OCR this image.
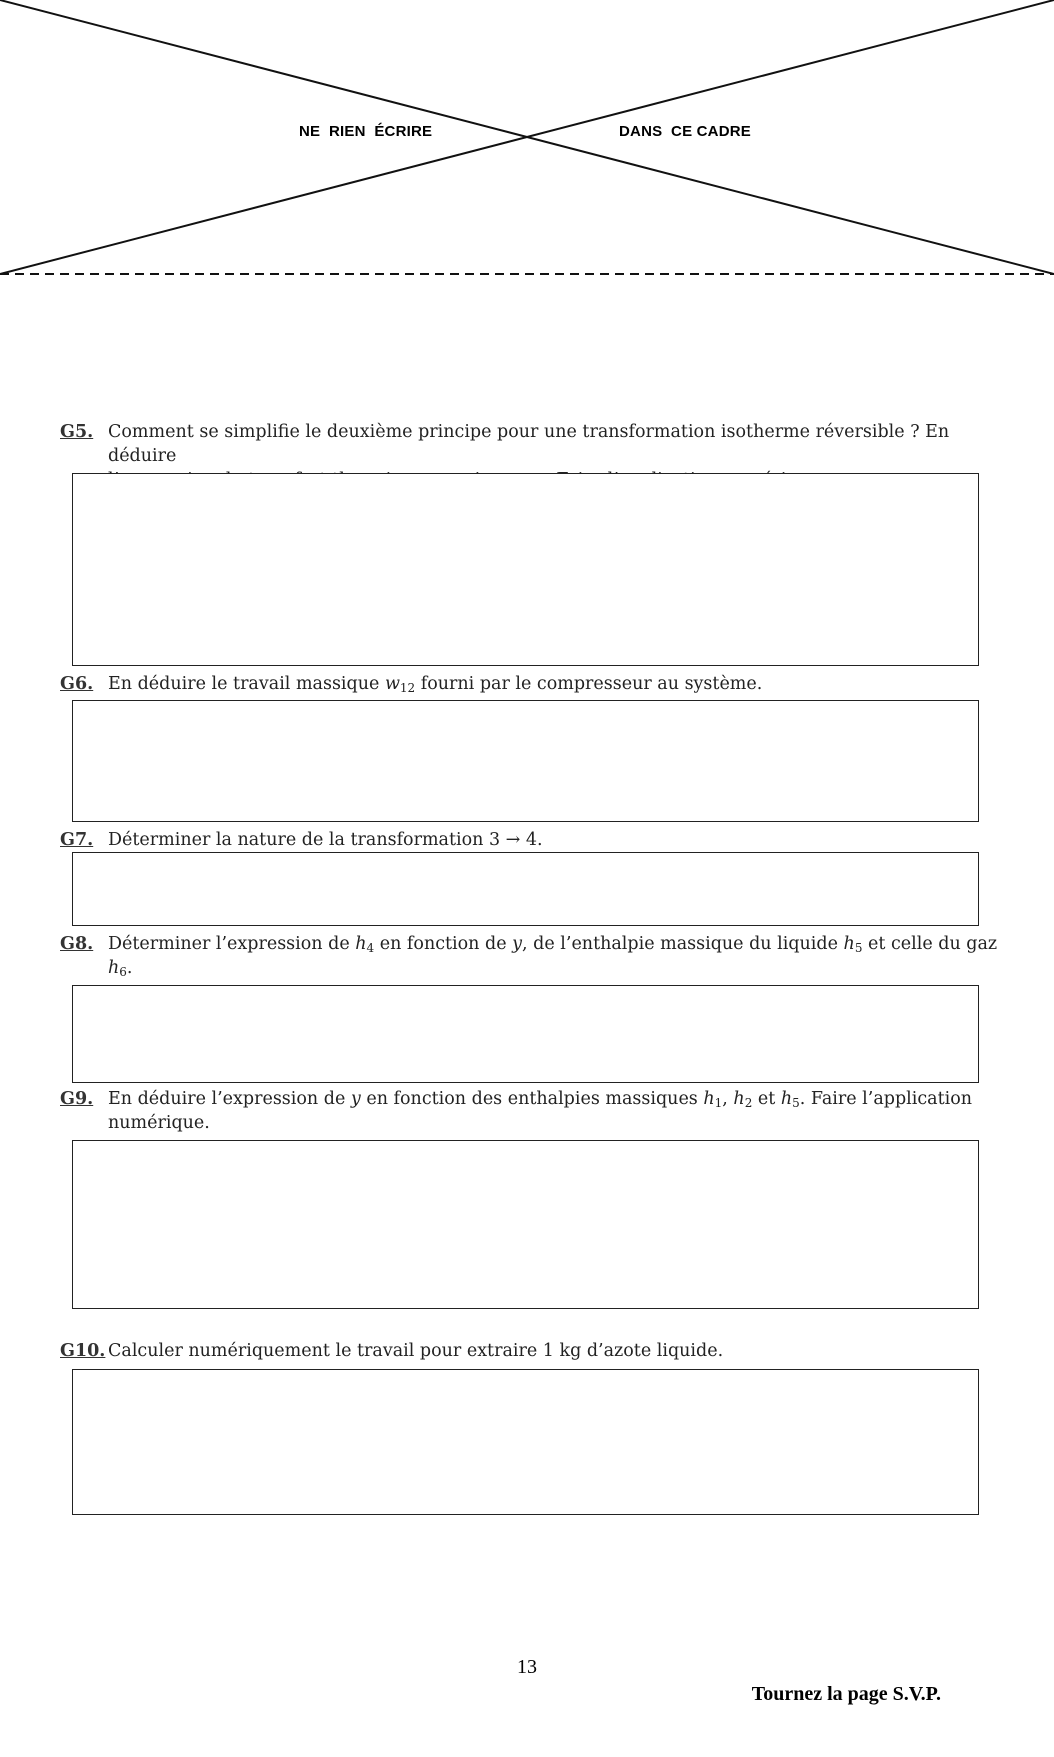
NE  RIEN  ÉCRIRE	DANS  CE CADRE
G5. Comment se simplifie le deuxième principe pour une transformation isotherme réversible ? En déduire

G6. En déduire le travail massique $w_{12}$ fourni par le compresseur au système.
G7. Déterminer la nature de la transformation 3 → 4.
G8. Déterminer l’expression de $h_4$ en fonction de y, de l’enthalpie massique du liquide $h_5$ et celle du gaz
$h_6$.
G9. En déduire l’expression de y en fonction des enthalpies massiques $h_1$, $h_2$ et $h_5$. Faire l’application
numérique.
G10. Calculer numériquement le travail pour extraire 1 kg d’azote liquide.
13
Tournez la page S.V.P.
